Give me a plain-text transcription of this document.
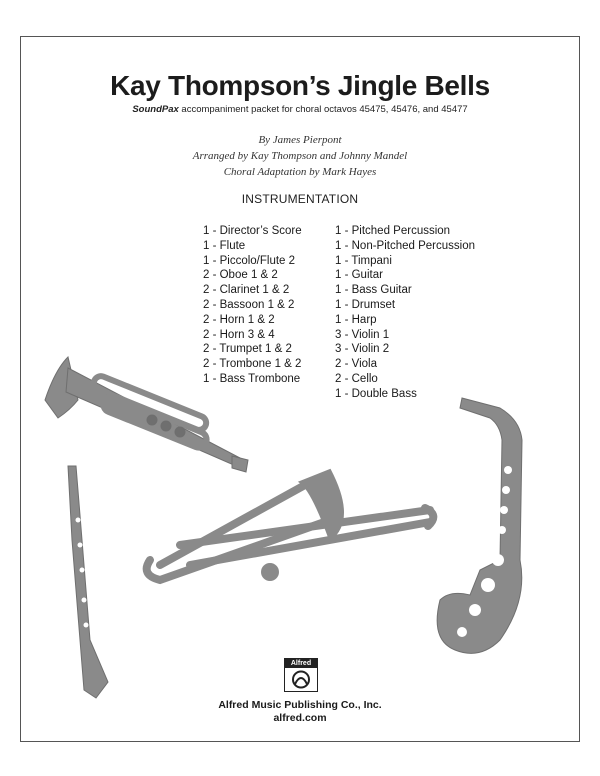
Kay Thompson’s Jingle Bells
SoundPax accompaniment packet for choral octavos 45475, 45476, and 45477
By James Pierpont
Arranged by Kay Thompson and Johnny Mandel
Choral Adaptation by Mark Hayes
INSTRUMENTATION
1 - Director’s Score
1 - Flute
1 - Piccolo/Flute 2
2 - Oboe 1 & 2
2 - Clarinet 1 & 2
2 - Bassoon 1 & 2
2 - Horn 1 & 2
2 - Horn 3 & 4
2 - Trumpet 1 & 2
2 - Trombone 1 & 2
1 - Bass Trombone
1 - Pitched Percussion
1 - Non-Pitched Percussion
1 - Timpani
1 - Guitar
1 - Bass Guitar
1 - Drumset
1 - Harp
3 - Violin 1
3 - Violin 2
2 - Viola
2 - Cello
1 - Double Bass
Alfred
Alfred Music Publishing Co., Inc.
alfred.com
